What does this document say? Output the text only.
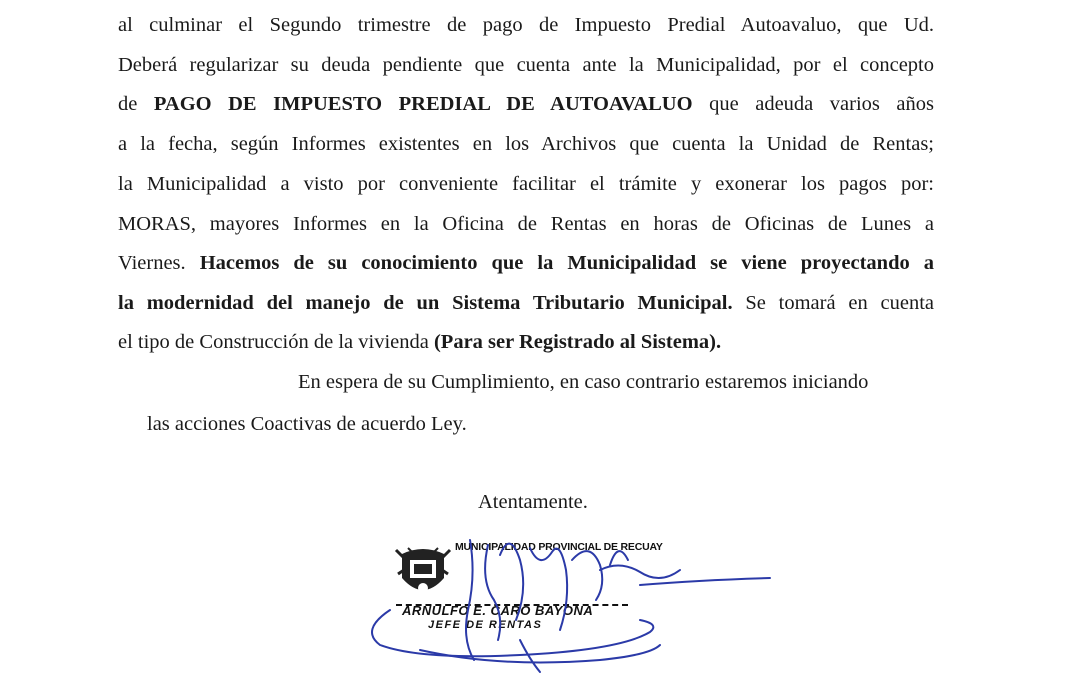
al culminar el Segundo trimestre de pago de Impuesto Predial Autoavaluo, que Ud.
Deberá regularizar su deuda pendiente que cuenta ante la Municipalidad, por el concepto
de PAGO DE IMPUESTO PREDIAL DE AUTOAVALUO que adeuda varios años
a la fecha, según Informes existentes en los Archivos que cuenta la Unidad de Rentas;
la Municipalidad a visto por conveniente facilitar el trámite y exonerar los pagos por:
MORAS, mayores Informes en la Oficina de Rentas en horas de Oficinas de Lunes a
Viernes. Hacemos de su conocimiento que la Municipalidad se viene proyectando a
la modernidad del manejo de un Sistema Tributario Municipal. Se tomará en cuenta
el tipo de Construcción de la vivienda (Para ser Registrado al Sistema).
En espera de su Cumplimiento, en caso contrario estaremos iniciando
las acciones Coactivas de acuerdo Ley.
Atentamente.
MUNICIPALIDAD PROVINCIAL DE RECUAY
ARNULFO E. CARO BAYONA
JEFE DE RENTAS
